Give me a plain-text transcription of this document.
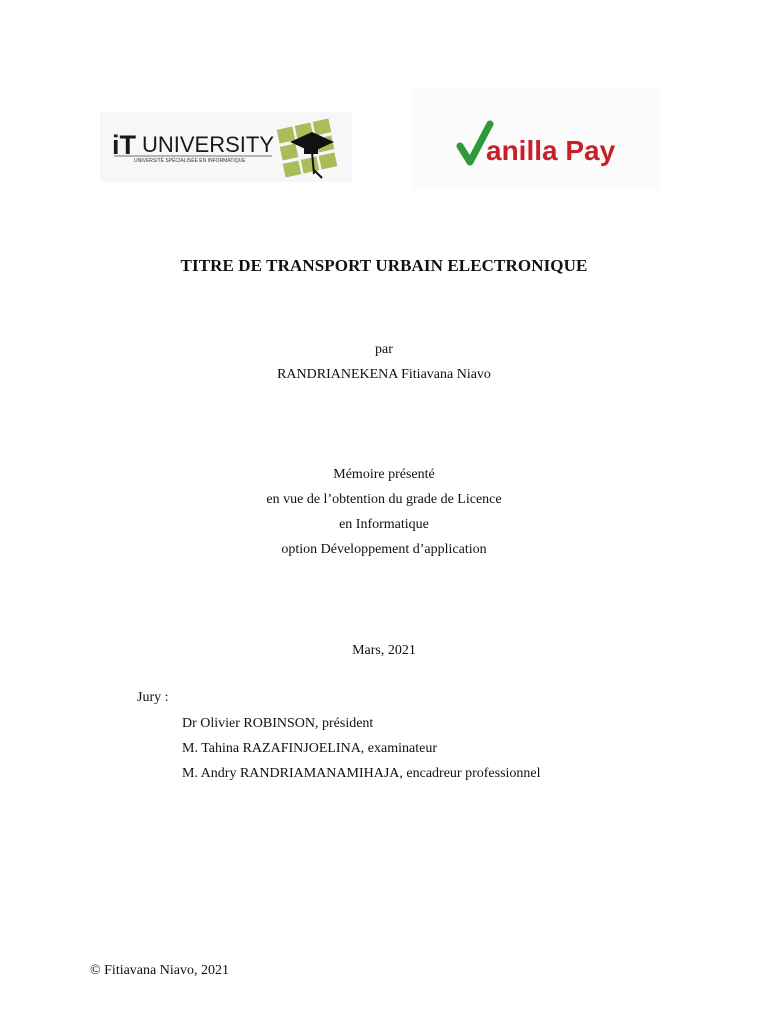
iT UNIVERSITY
UNIVERSITÉ SPÉCIALISÉE EN INFORMATIQUE	anilla Pay
TITRE DE TRANSPORT URBAIN ELECTRONIQUE
par
RANDRIANEKENA Fitiavana Niavo
Mémoire présenté
en vue de l’obtention du grade de Licence
en Informatique
option Développement d’application
Mars, 2021
Jury :
Dr Olivier ROBINSON, président
M. Tahina RAZAFINJOELINA, examinateur
M. Andry RANDRIAMANAMIHAJA, encadreur professionnel
© Fitiavana Niavo, 2021
